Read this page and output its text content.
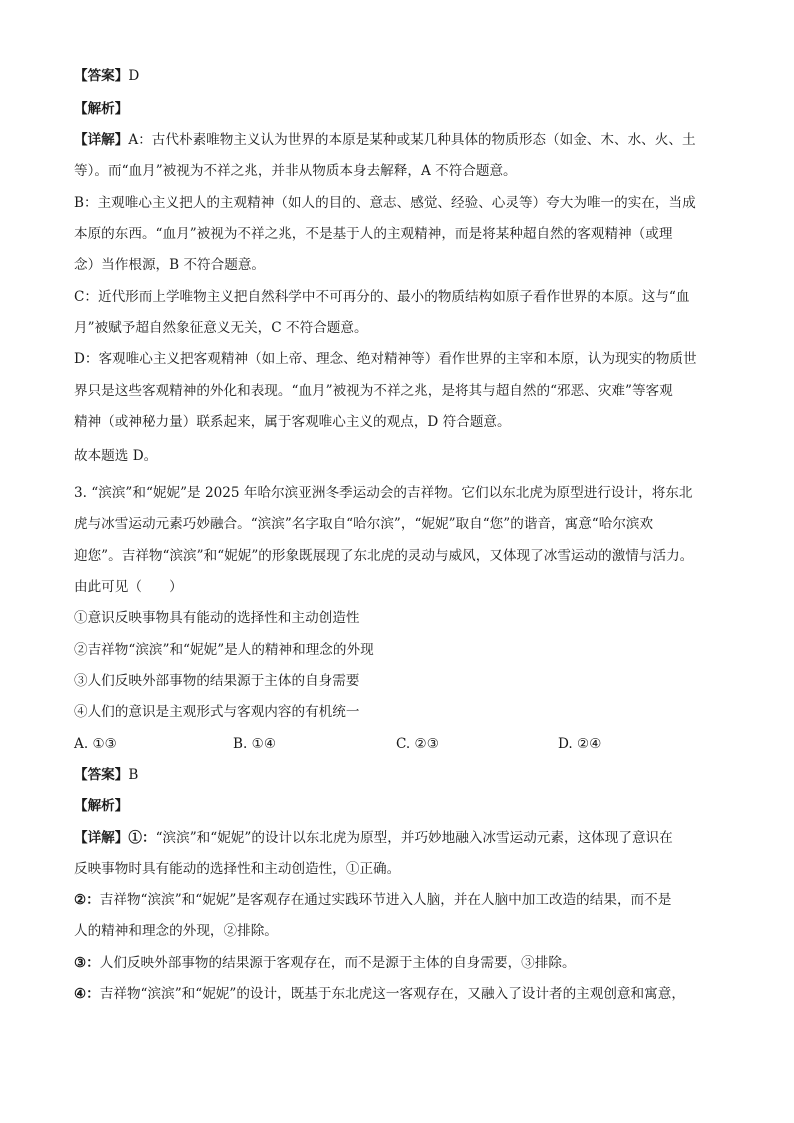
【答案】D
【解析】
【详解】A：古代朴素唯物主义认为世界的本原是某种或某几种具体的物质形态（如金、木、水、火、土
等）。而“血月”被视为不祥之兆，并非从物质本身去解释，A 不符合题意。
B：主观唯心主义把人的主观精神（如人的目的、意志、感觉、经验、心灵等）夸大为唯一的实在，当成
本原的东西。“血月”被视为不祥之兆，不是基于人的主观精神，而是将某种超自然的客观精神（或理
念）当作根源，B 不符合题意。
C：近代形而上学唯物主义把自然科学中不可再分的、最小的物质结构如原子看作世界的本原。这与“血
月”被赋予超自然象征意义无关，C 不符合题意。
D：客观唯心主义把客观精神（如上帝、理念、绝对精神等）看作世界的主宰和本原，认为现实的物质世
界只是这些客观精神的外化和表现。“血月”被视为不祥之兆，是将其与超自然的“邪恶、灾难”等客观
精神（或神秘力量）联系起来，属于客观唯心主义的观点，D 符合题意。
故本题选 D。
3. “滨滨”和“妮妮”是 2025 年哈尔滨亚洲冬季运动会的吉祥物。它们以东北虎为原型进行设计，将东北
虎与冰雪运动元素巧妙融合。“滨滨”名字取自“哈尔滨”，“妮妮”取自“您”的谐音，寓意“哈尔滨欢
迎您”。吉祥物“滨滨”和“妮妮”的形象既展现了东北虎的灵动与威风，又体现了冰雪运动的激情与活力。
由此可见（　　）
①意识反映事物具有能动的选择性和主动创造性
②吉祥物“滨滨”和“妮妮”是人的精神和理念的外现
③人们反映外部事物的结果源于主体的自身需要
④人们的意识是主观形式与客观内容的有机统一
A. ①③	B. ①④	C. ②③	D. ②④
【答案】B
【解析】
【详解】①：“滨滨”和“妮妮”的设计以东北虎为原型，并巧妙地融入冰雪运动元素，这体现了意识在
反映事物时具有能动的选择性和主动创造性，①正确。
②：吉祥物“滨滨”和“妮妮”是客观存在通过实践环节进入人脑，并在人脑中加工改造的结果，而不是
人的精神和理念的外现，②排除。
③：人们反映外部事物的结果源于客观存在，而不是源于主体的自身需要，③排除。
④：吉祥物“滨滨”和“妮妮”的设计，既基于东北虎这一客观存在，又融入了设计者的主观创意和寓意，
